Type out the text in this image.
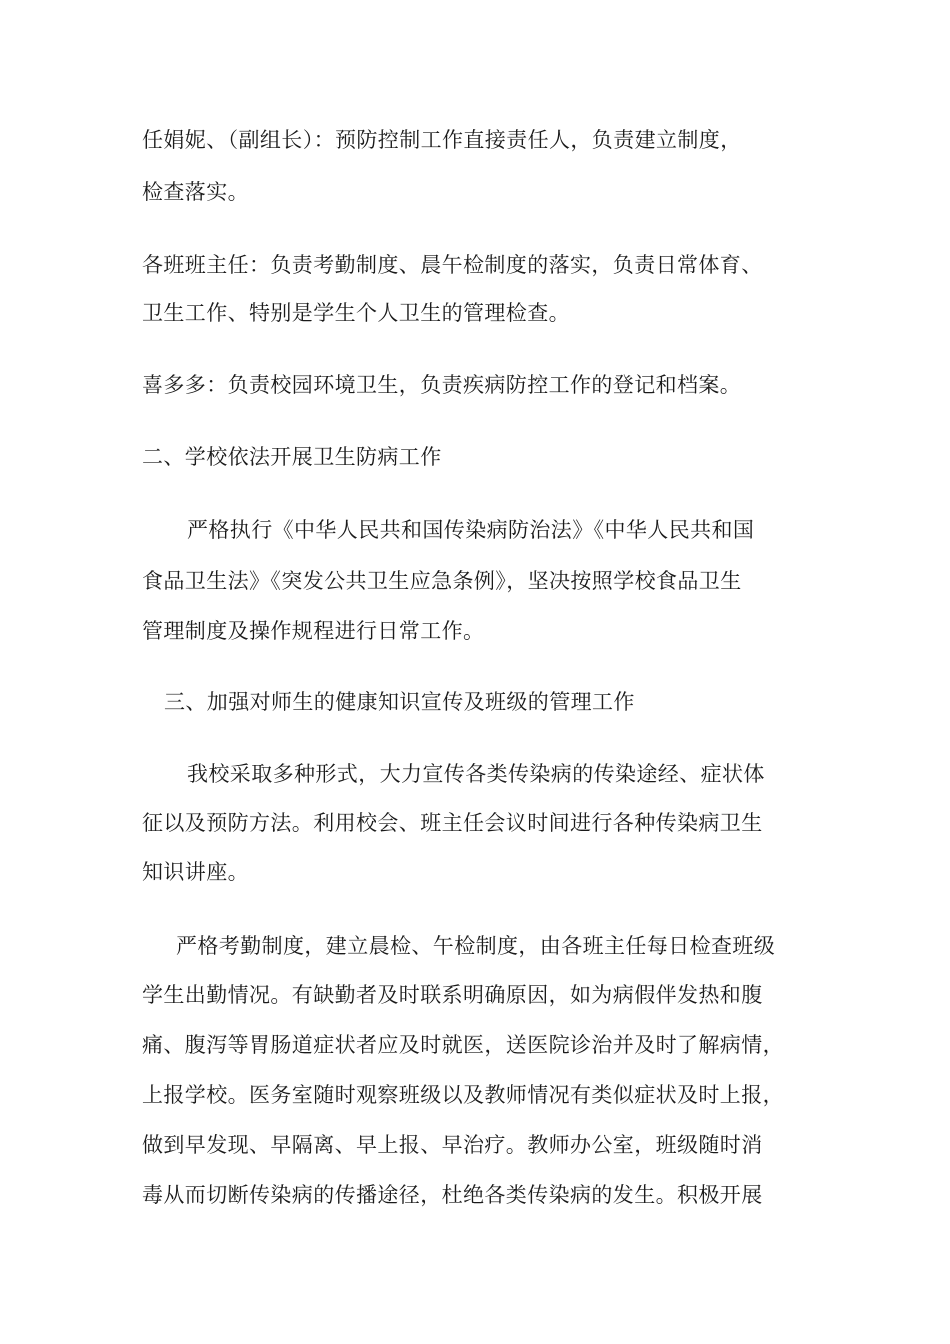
任娟妮、（副组长）：预防控制工作直接责任人，负责建立制度，
检查落实。
各班班主任：负责考勤制度、晨午检制度的落实，负责日常体育、
卫生工作、特别是学生个人卫生的管理检查。
喜多多：负责校园环境卫生，负责疾病防控工作的登记和档案。
二、学校依法开展卫生防病工作
严格执行《中华人民共和国传染病防治法》《中华人民共和国
食品卫生法》《突发公共卫生应急条例》，坚决按照学校食品卫生
管理制度及操作规程进行日常工作。
三、加强对师生的健康知识宣传及班级的管理工作
我校采取多种形式，大力宣传各类传染病的传染途经、症状体
征以及预防方法。利用校会、班主任会议时间进行各种传染病卫生
知识讲座。
严格考勤制度，建立晨检、午检制度，由各班主任每日检查班级
学生出勤情况。有缺勤者及时联系明确原因，如为病假伴发热和腹
痛、腹泻等胃肠道症状者应及时就医，送医院诊治并及时了解病情，
上报学校。医务室随时观察班级以及教师情况有类似症状及时上报，
做到早发现、早隔离、早上报、早治疗。教师办公室，班级随时消
毒从而切断传染病的传播途径，杜绝各类传染病的发生。积极开展
